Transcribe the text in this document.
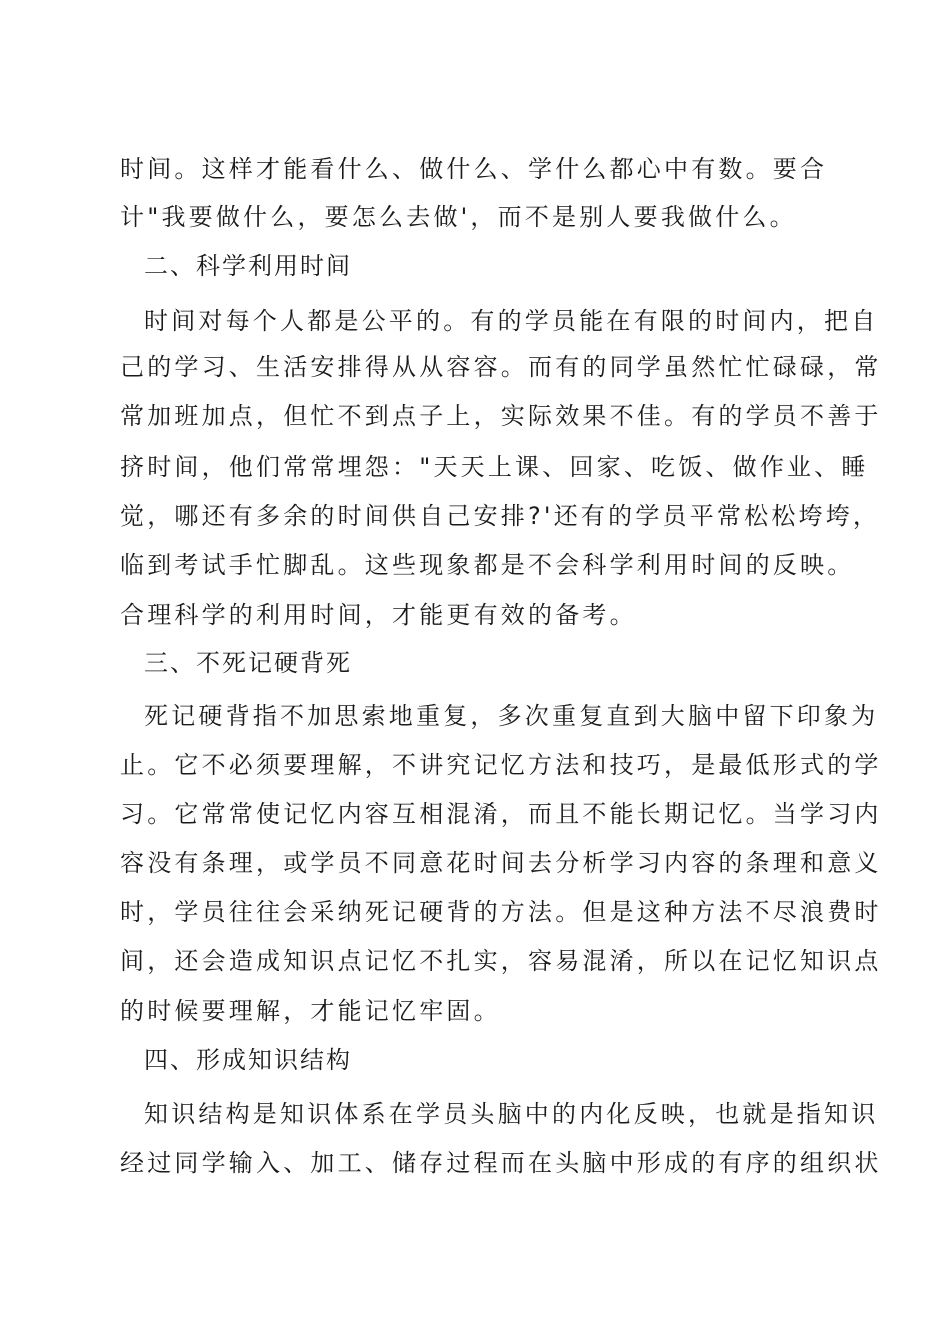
时间。这样才能看什么、做什么、学什么都心中有数。要合
计"我要做什么，要怎么去做'，而不是别人要我做什么。
二、科学利用时间
时间对每个人都是公平的。有的学员能在有限的时间内，把自
己的学习、生活安排得从从容容。而有的同学虽然忙忙碌碌，常
常加班加点，但忙不到点子上，实际效果不佳。有的学员不善于
挤时间，他们常常埋怨："天天上课、回家、吃饭、做作业、睡
觉，哪还有多余的时间供自己安排?'还有的学员平常松松垮垮，
临到考试手忙脚乱。这些现象都是不会科学利用时间的反映。
合理科学的利用时间，才能更有效的备考。
三、不死记硬背死
死记硬背指不加思索地重复，多次重复直到大脑中留下印象为
止。它不必须要理解，不讲究记忆方法和技巧，是最低形式的学
习。它常常使记忆内容互相混淆，而且不能长期记忆。当学习内
容没有条理，或学员不同意花时间去分析学习内容的条理和意义
时，学员往往会采纳死记硬背的方法。但是这种方法不尽浪费时
间，还会造成知识点记忆不扎实，容易混淆，所以在记忆知识点
的时候要理解，才能记忆牢固。
四、形成知识结构
知识结构是知识体系在学员头脑中的内化反映，也就是指知识
经过同学输入、加工、储存过程而在头脑中形成的有序的组织状
